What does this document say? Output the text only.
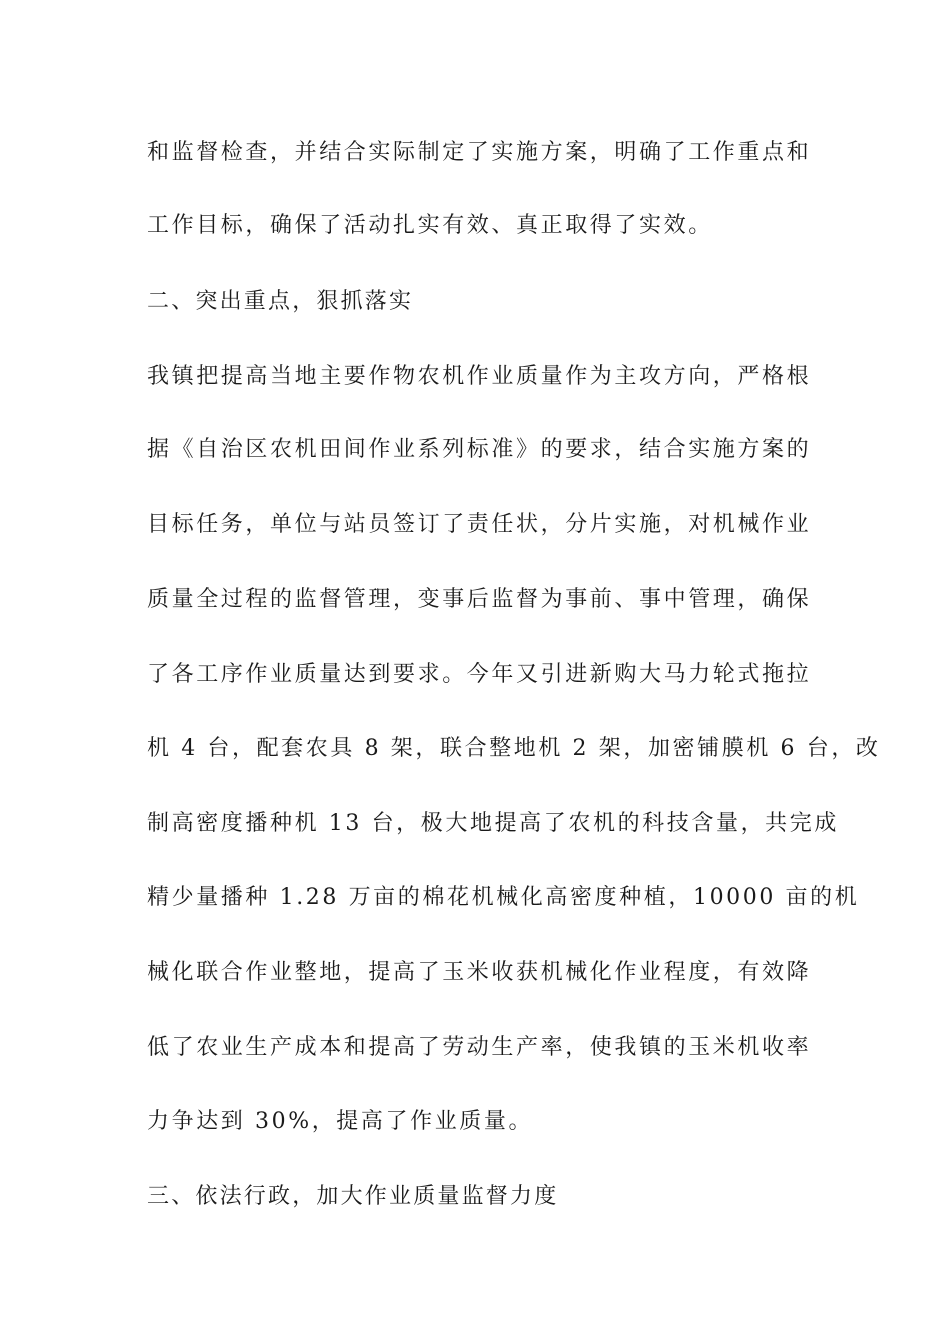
和监督检查，并结合实际制定了实施方案，明确了工作重点和
工作目标，确保了活动扎实有效、真正取得了实效。
二、突出重点，狠抓落实
我镇把提高当地主要作物农机作业质量作为主攻方向，严格根
据《自治区农机田间作业系列标准》的要求，结合实施方案的
目标任务，单位与站员签订了责任状，分片实施，对机械作业
质量全过程的监督管理，变事后监督为事前、事中管理，确保
了各工序作业质量达到要求。今年又引进新购大马力轮式拖拉
机 4 台，配套农具 8 架，联合整地机 2 架，加密铺膜机 6 台，改
制高密度播种机 13 台，极大地提高了农机的科技含量，共完成
精少量播种 1.28 万亩的棉花机械化高密度种植，10000 亩的机
械化联合作业整地，提高了玉米收获机械化作业程度，有效降
低了农业生产成本和提高了劳动生产率，使我镇的玉米机收率
力争达到 30%，提高了作业质量。
三、依法行政，加大作业质量监督力度
